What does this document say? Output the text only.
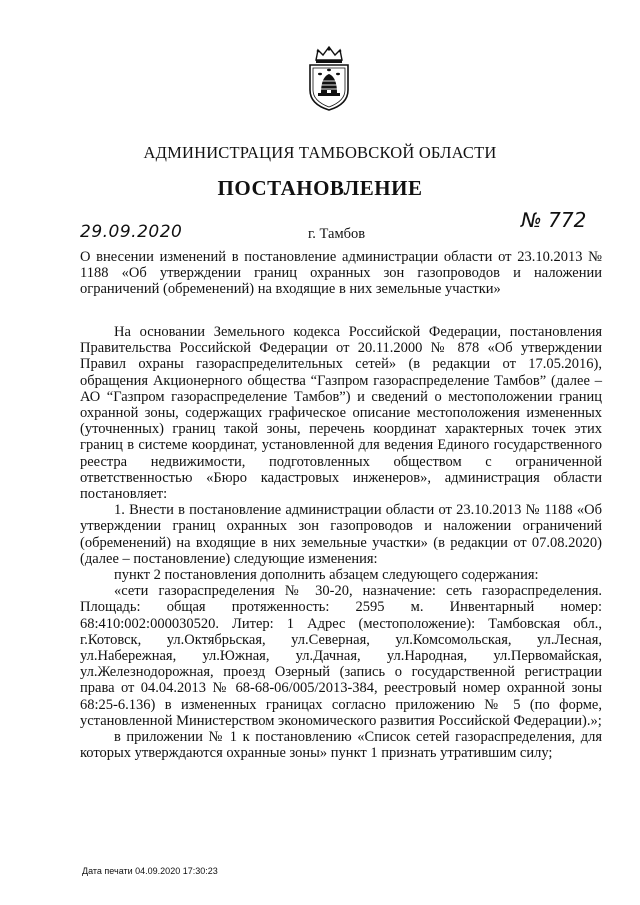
АДМИНИСТРАЦИЯ ТАМБОВСКОЙ ОБЛАСТИ
ПОСТАНОВЛЕНИЕ
29.09.2020	г. Тамбов
№ 772
О внесении изменений в постановление администрации области от 23.10.2013 № 1188 «Об утверждении границ охранных зон газопроводов и наложении ограничений (обременений) на входящие в них земельные участки»

На основании Земельного кодекса Российской Федерации, постановления Правительства Российской Федерации от 20.11.2000 № 878 «Об утверждении Правил охраны газораспределительных сетей» (в редакции от 17.05.2016), обращения Акционерного общества “Газпром газораспределение Тамбов” (далее – АО “Газпром газораспределение Тамбов”) и сведений о местоположении границ охранной зоны, содержащих графическое описание местоположения измененных (уточненных) границ такой зоны, перечень координат характерных точек этих границ в системе координат, установленной для ведения Единого государственного реестра недвижимости, подготовленных обществом с ограниченной ответственностью «Бюро кадастровых инженеров», администрация области постановляет:

1. Внести в постановление администрации области от 23.10.2013 № 1188 «Об утверждении границ охранных зон газопроводов и наложении ограничений (обременений) на входящие в них земельные участки» (в редакции от 07.08.2020) (далее – постановление) следующие изменения:

пункт 2 постановления дополнить абзацем следующего содержания:

«сети газораспределения № 30-20, назначение: сеть газораспределения. Площадь: общая протяженность: 2595 м. Инвентарный номер: 68:410:002:000030520. Литер: 1 Адрес (местоположение): Тамбовская обл., г.Котовск, ул.Октябрьская, ул.Северная, ул.Комсомольская, ул.Лесная, ул.Набережная, ул.Южная, ул.Дачная, ул.Народная, ул.Первомайская, ул.Железнодорожная, проезд Озерный (запись о государственной регистрации права от 04.04.2013 № 68-68-06/005/2013-384, реестровый номер охранной зоны 68:25-6.136) в измененных границах согласно приложению № 5 (по форме, установленной Министерством экономического развития Российской Федерации).»;

в приложении № 1 к постановлению «Список сетей газораспределения, для которых утверждаются охранные зоны» пункт 1 признать утратившим силу;

Дата печати 04.09.2020 17:30:23
